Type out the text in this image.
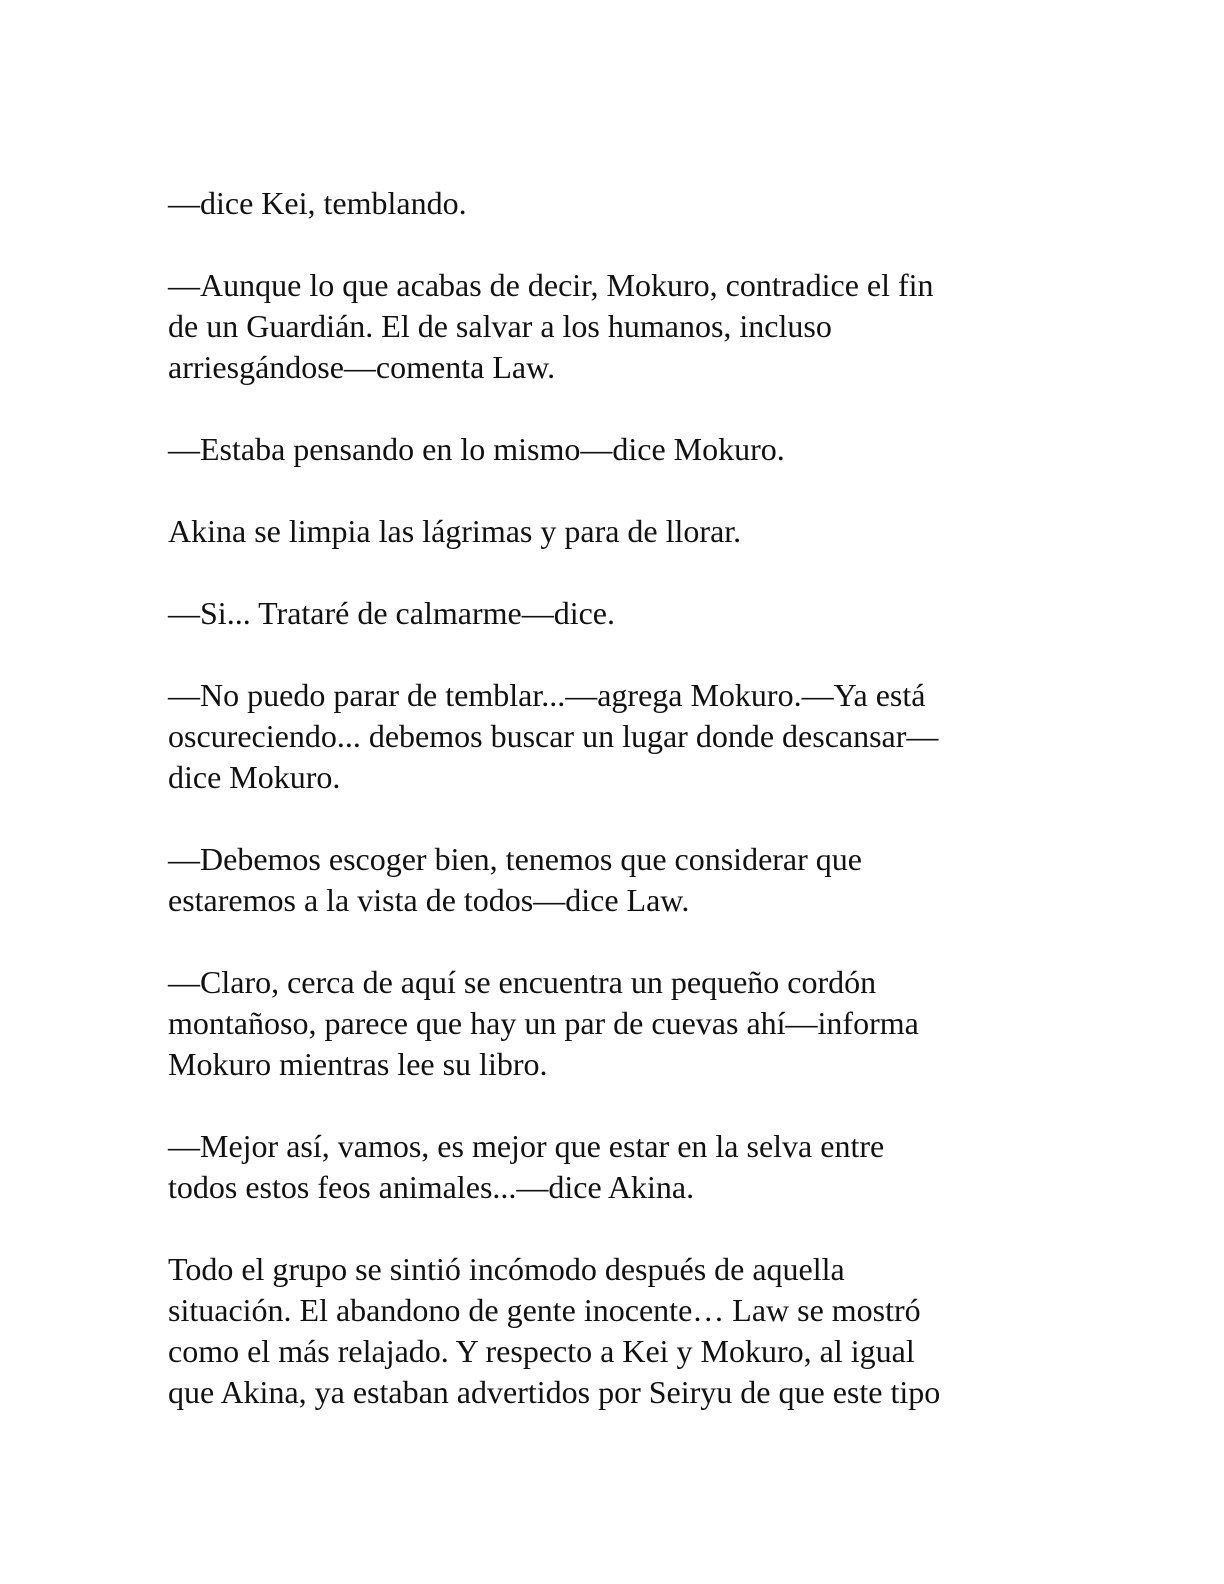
—dice Kei, temblando.

—Aunque lo que acabas de decir, Mokuro, contradice el fin
de un Guardián. El de salvar a los humanos, incluso
arriesgándose—comenta Law.

—Estaba pensando en lo mismo—dice Mokuro.

Akina se limpia las lágrimas y para de llorar.

—Si... Trataré de calmarme—dice.

—No puedo parar de temblar...—agrega Mokuro.—Ya está
oscureciendo... debemos buscar un lugar donde descansar—
dice Mokuro.

—Debemos escoger bien, tenemos que considerar que
estaremos a la vista de todos—dice Law.

—Claro, cerca de aquí se encuentra un pequeño cordón
montañoso, parece que hay un par de cuevas ahí—informa
Mokuro mientras lee su libro.

—Mejor así, vamos, es mejor que estar en la selva entre
todos estos feos animales...—dice Akina.

Todo el grupo se sintió incómodo después de aquella
situación. El abandono de gente inocente… Law se mostró
como el más relajado. Y respecto a Kei y Mokuro, al igual
que Akina, ya estaban advertidos por Seiryu de que este tipo
